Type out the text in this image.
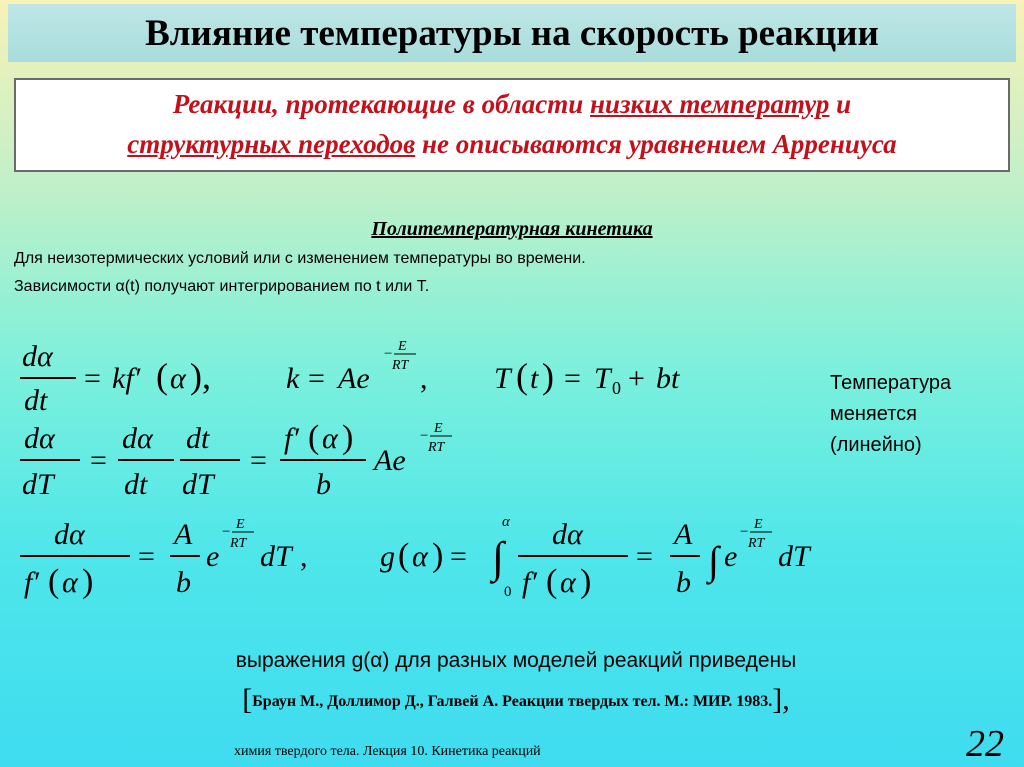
Влияние температуры на скорость реакции
Реакции, протекающие в области низких температур и
структурных переходов не описываются уравнением Аррениуса
Политемпературная кинетика
Для неизотермических условий или с изменением температуры во времени.
Зависимости α(t) получают интегрированием по t или T.
dα
dt
= kf′ ( α ),	k = Ae
− E
RT , T ( t ) = T 0 + bt
dα
dT
=
dα
dt
dt
dT
=
f′ ( α )
b
Ae
− E
RT
dα
f′ ( α )
=
A
b
e
− E
RT dT , g ( α ) =
α
∫
0
dα
f′ ( α )
=
A
b ∫ e
− E
RT dT
Температура
меняется
(линейно)
выражения g(α) для разных моделей реакций приведены
[Браун М., Доллимор Д., Галвей А. Реакции твердых тел. М.: МИР. 1983.],
химия твердого тела. Лекция 10. Кинетика реакций	22
